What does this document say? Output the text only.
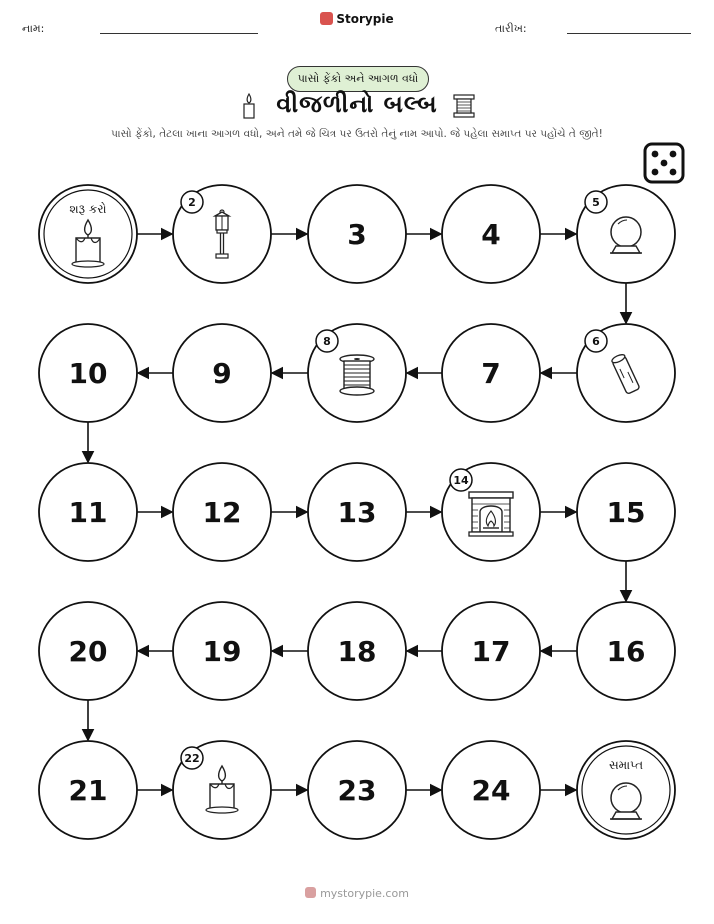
નામ:
Storypie
તારીખ:
પાસો ફેંકો અને આગળ વધો
વીજળીનો બલ્બ
પાસો ફેંકો, તેટલા ખાના આગળ વધો, અને તમે જે ચિત્ર પર ઉતરો તેનું નામ આપો. જે પહેલા સમાપ્ત પર પહોંચે તે જીતે!
શરૂ કરો	2
3	4
5
6
7
8
9
10
11	12	13
14
15
16
17
18
19
20
21
22
23	24
સમાપ્ત
mystorypie.com
